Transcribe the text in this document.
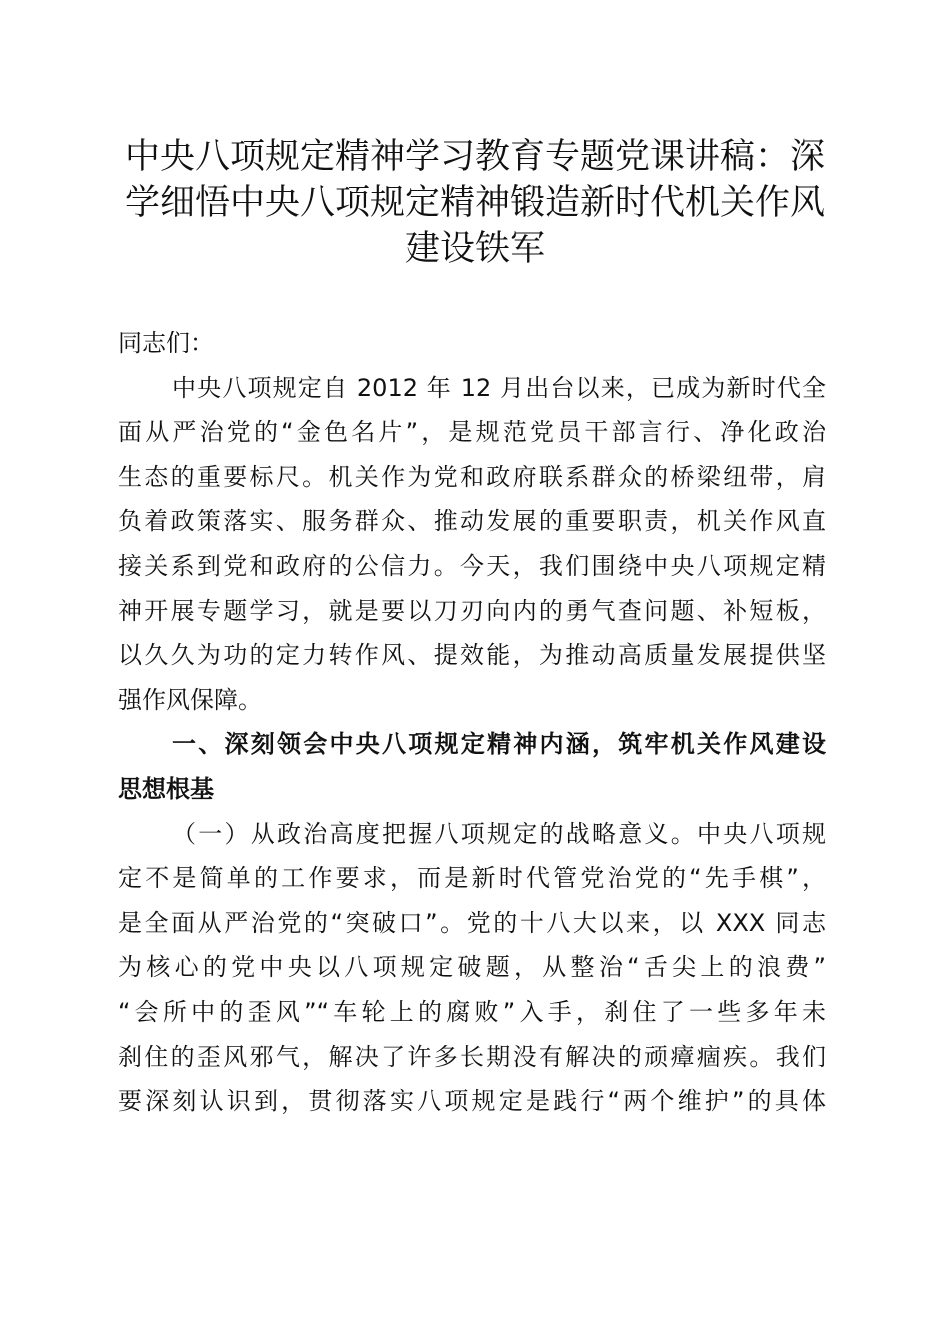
中央八项规定精神学习教育专题党课讲稿：深
学细悟中央八项规定精神锻造新时代机关作风
建设铁军
同志们：
中央八项规定自 2012 年 12 月出台以来，已成为新时代全
面从严治党的“金色名片”，是规范党员干部言行、净化政治
生态的重要标尺。机关作为党和政府联系群众的桥梁纽带，肩
负着政策落实、服务群众、推动发展的重要职责，机关作风直
接关系到党和政府的公信力。今天，我们围绕中央八项规定精
神开展专题学习，就是要以刀刃向内的勇气查问题、补短板，
以久久为功的定力转作风、提效能，为推动高质量发展提供坚
强作风保障。
一、深刻领会中央八项规定精神内涵，筑牢机关作风建设
思想根基
（一）从政治高度把握八项规定的战略意义。中央八项规
定不是简单的工作要求，而是新时代管党治党的“先手棋”，
是全面从严治党的“突破口”。党的十八大以来，以 XXX 同志
为核心的党中央以八项规定破题，从整治“舌尖上的浪费”
“会所中的歪风”“车轮上的腐败”入手，刹住了一些多年未
刹住的歪风邪气，解决了许多长期没有解决的顽瘴痼疾。我们
要深刻认识到，贯彻落实八项规定是践行“两个维护”的具体
